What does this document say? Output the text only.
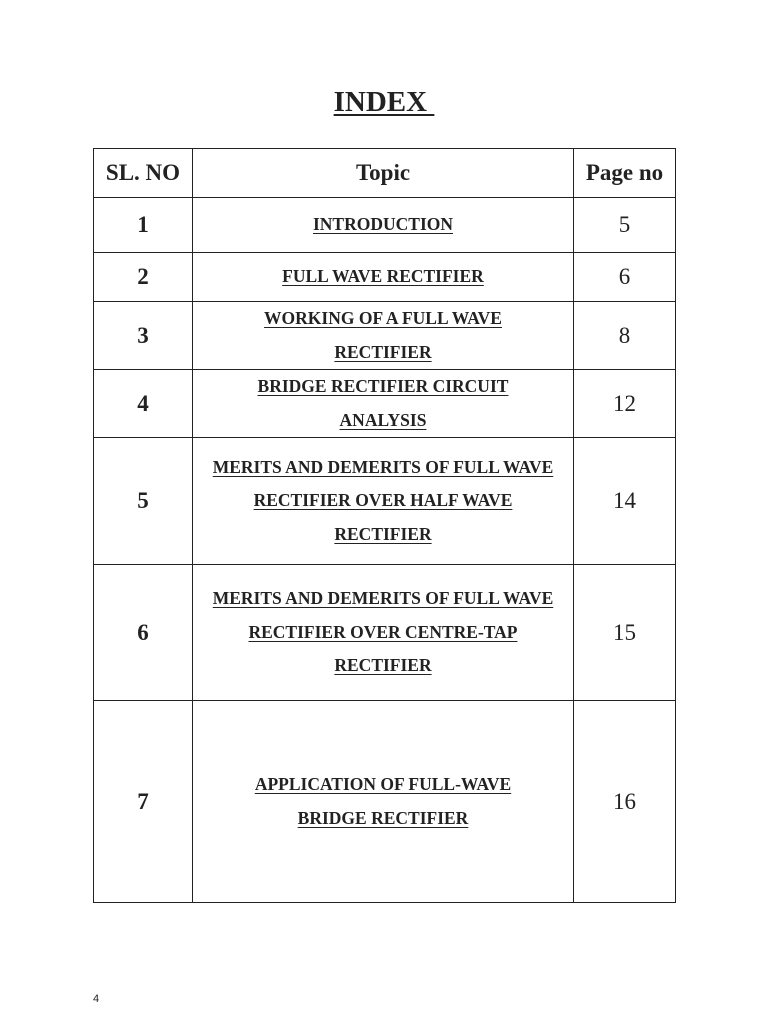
INDEX
SL. NO	Topic	Page no
1	INTRODUCTION	5
2	FULL WAVE RECTIFIER	6
3	WORKING OF A FULL WAVE RECTIFIER	8
4	BRIDGE RECTIFIER CIRCUIT ANALYSIS	12
5	MERITS AND DEMERITS OF FULL WAVE RECTIFIER OVER HALF WAVE RECTIFIER	14
6	MERITS AND DEMERITS OF FULL WAVE RECTIFIER OVER CENTRE-TAP RECTIFIER	15
7	APPLICATION OF FULL-WAVE BRIDGE RECTIFIER	16
4
